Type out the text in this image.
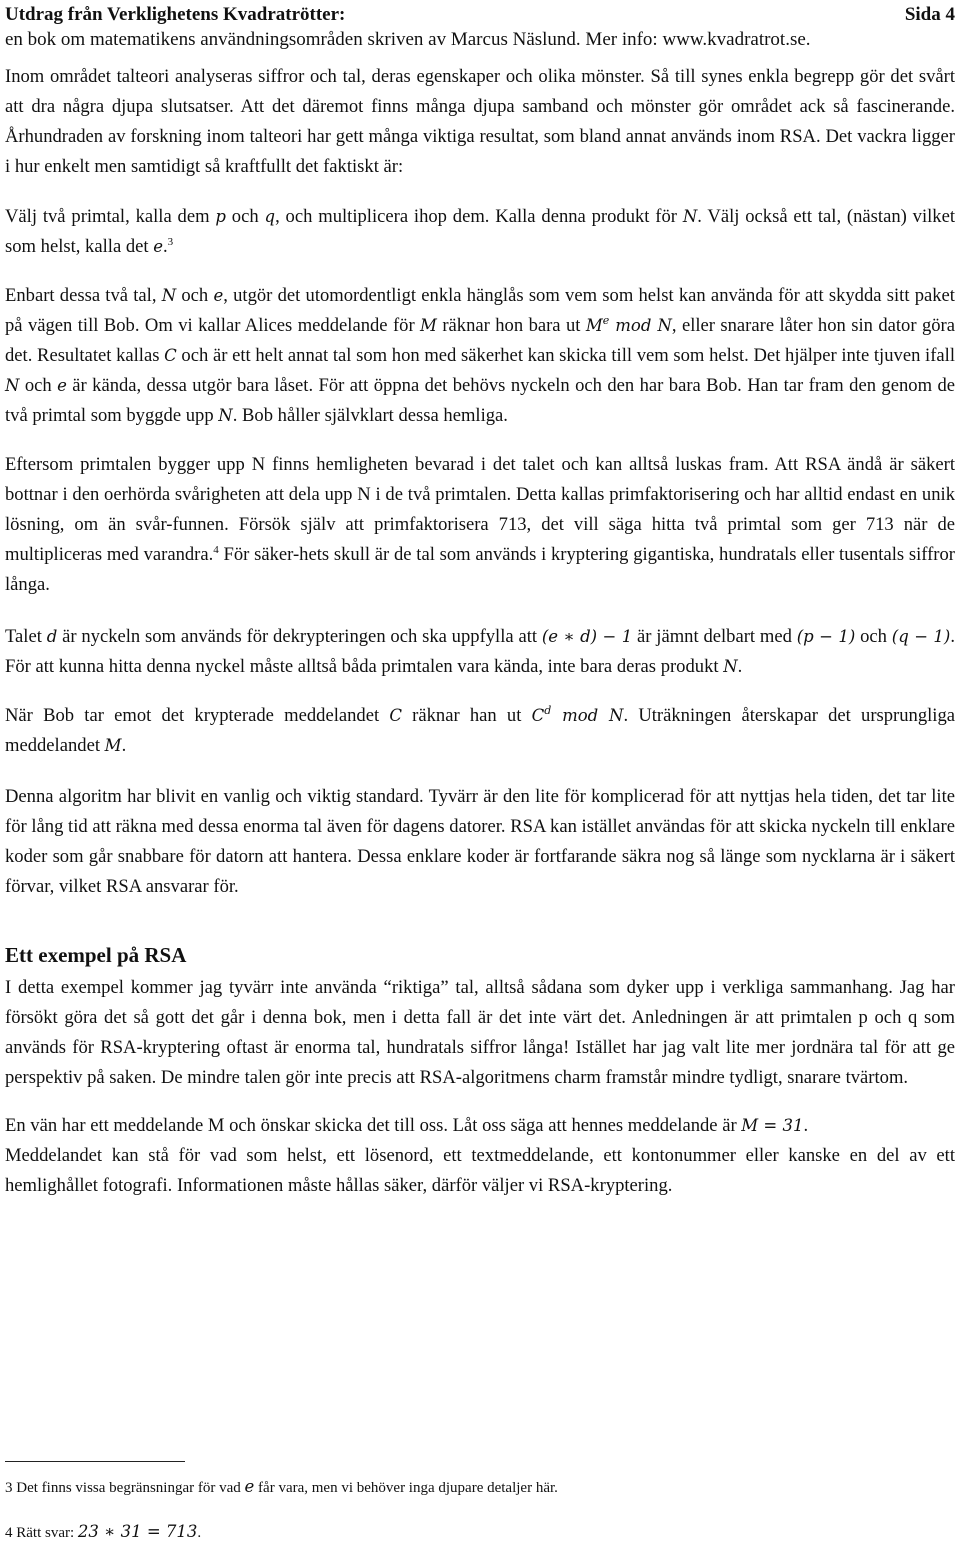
Utdrag från Verklighetens Kvadratrötter:	Sida 4
en bok om matematikens användningsområden skriven av Marcus Näslund. Mer info: www.kvadratrot.se.

Inom området talteori analyseras siffror och tal, deras egenskaper och olika mönster. Så till synes enkla begrepp gör det svårt att dra några djupa slutsatser. Att det däremot finns många djupa samband och mönster gör området ack så fascinerande. Århundraden av forskning inom talteori har gett många viktiga resultat, som bland annat används inom RSA. Det vackra ligger i hur enkelt men samtidigt så kraftfullt det faktiskt är:

Välj två primtal, kalla dem p och q, och multiplicera ihop dem. Kalla denna produkt för N. Välj också ett tal, (nästan) vilket som helst, kalla det e.$^3$

Enbart dessa två tal, N och e, utgör det utomordentligt enkla hänglås som vem som helst kan använda för att skydda sitt paket på vägen till Bob. Om vi kallar Alices meddelande för M räknar hon bara ut Me mod N, eller snarare låter hon sin dator göra det. Resultatet kallas C och är ett helt annat tal som hon med säkerhet kan skicka till vem som helst. Det hjälper inte tjuven ifall N och e är kända, dessa utgör bara låset. För att öppna det behövs nyckeln och den har bara Bob. Han tar fram den genom de två primtal som byggde upp N. Bob håller självklart dessa hemliga.

Eftersom primtalen bygger upp N finns hemligheten bevarad i det talet och kan alltså luskas fram. Att RSA ändå är säkert bottnar i den oerhörda svårigheten att dela upp N i de två primtalen. Detta kallas primfaktorisering och har alltid endast en unik lösning, om än svår-funnen. Försök själv att primfaktorisera 713, det vill säga hitta två primtal som ger 713 när de multipliceras med varandra.$^4$ För säker-hets skull är de tal som används i kryptering gigantiska, hundratals eller tusentals siffror långa.

Talet d är nyckeln som används för dekrypteringen och ska uppfylla att (e ∗ d) − 1 är jämnt delbart med (p − 1) och (q − 1). För att kunna hitta denna nyckel måste alltså båda primtalen vara kända, inte bara deras produkt N.

När Bob tar emot det krypterade meddelandet C räknar han ut $C^d$ mod N. Uträkningen återskapar det ursprungliga meddelandet M.

Denna algoritm har blivit en vanlig och viktig standard. Tyvärr är den lite för komplicerad för att nyttjas hela tiden, det tar lite för lång tid att räkna med dessa enorma tal även för dagens datorer. RSA kan istället användas för att skicka nyckeln till enklare koder som går snabbare för datorn att hantera. Dessa enklare koder är fortfarande säkra nog så länge som nycklarna är i säkert förvar, vilket RSA ansvarar för.

Ett exempel på RSA

I detta exempel kommer jag tyvärr inte använda “riktiga” tal, alltså sådana som dyker upp i verkliga sammanhang. Jag har försökt göra det så gott det går i denna bok, men i detta fall är det inte värt det. Anledningen är att primtalen p och q som används för RSA-kryptering oftast är enorma tal, hundratals siffror långa! Istället har jag valt lite mer jordnära tal för att ge perspektiv på saken. De mindre talen gör inte precis att RSA-algoritmens charm framstår mindre tydligt, snarare tvärtom.

En vän har ett meddelande M och önskar skicka det till oss. Låt oss säga att hennes meddelande är M = 31.

Meddelandet kan stå för vad som helst, ett lösenord, ett textmeddelande, ett kontonummer eller kanske en del av ett hemlighållet fotografi. Informationen måste hållas säker, därför väljer vi RSA-kryptering.

3 Det finns vissa begränsningar för vad e får vara, men vi behöver inga djupare detaljer här.
4 Rätt svar: 23 ∗ 31 = 713.
